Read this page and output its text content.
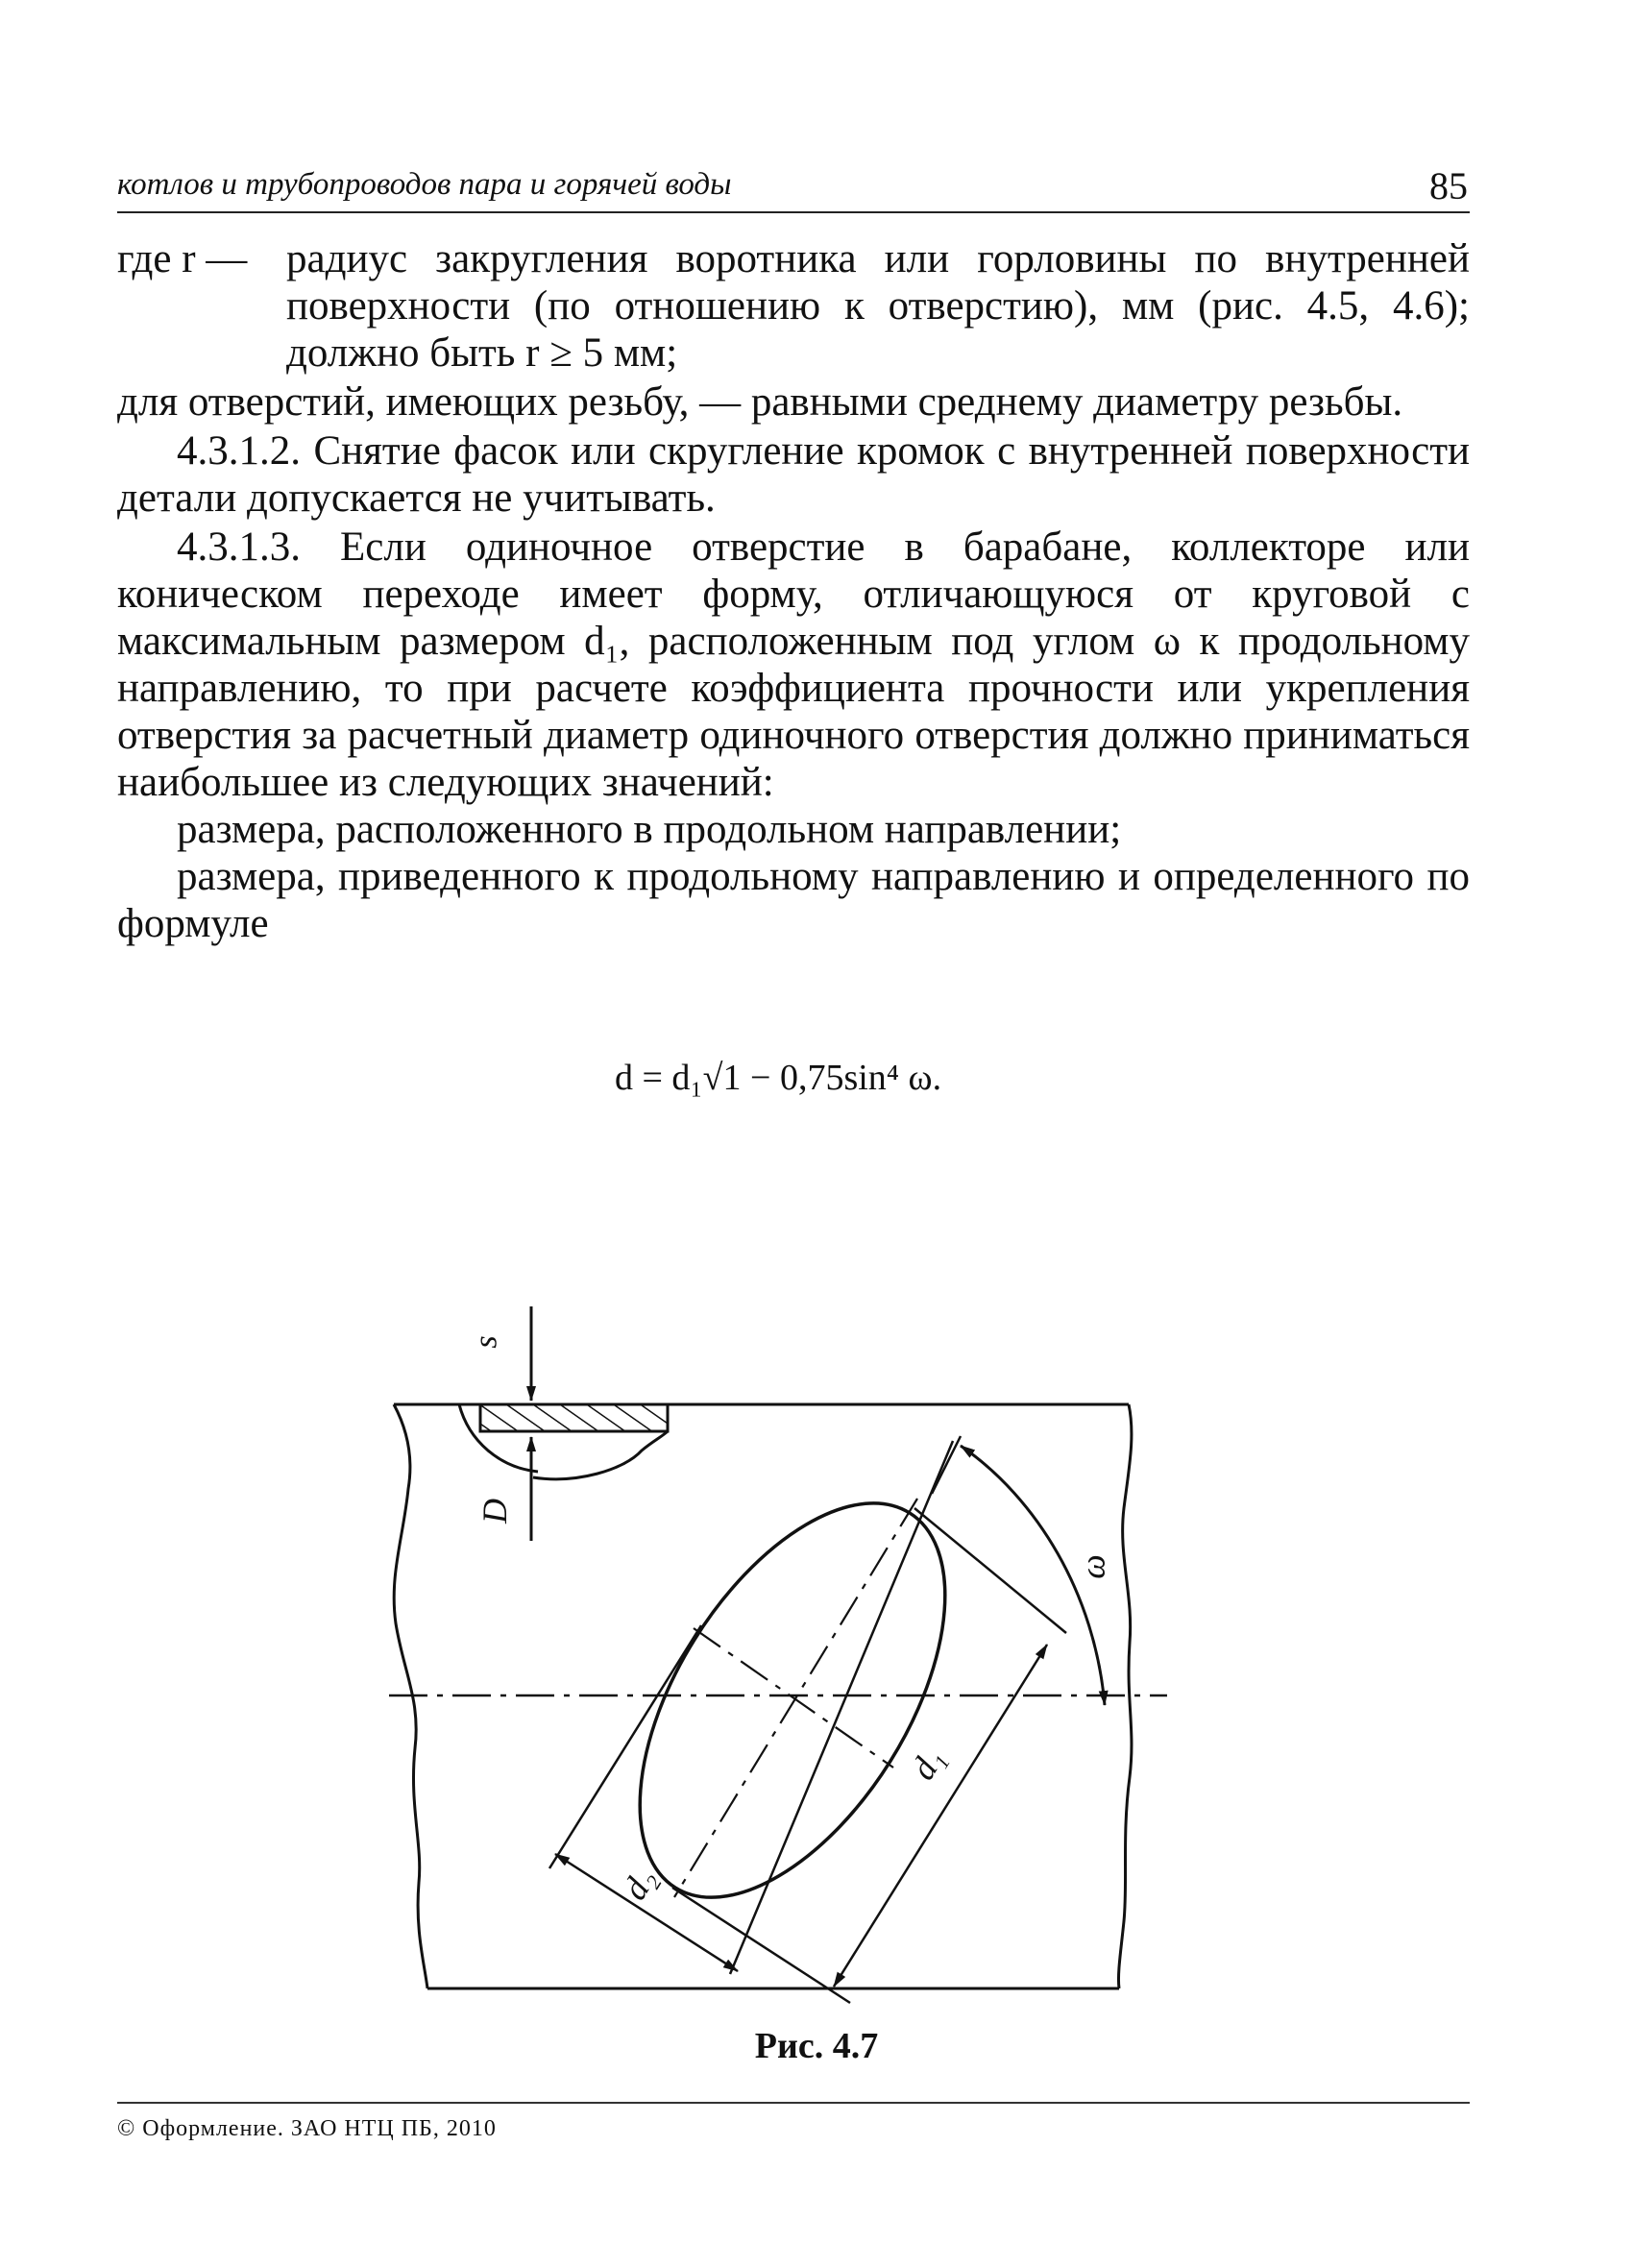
котлов и трубопроводов пара и горячей воды	85
где r — радиус закругления воротника или горловины по внутренней поверхности (по отношению к отверстию), мм (рис. 4.5, 4.6); должно быть r ≥ 5 мм;

для отверстий, имеющих резьбу, — равными среднему диаметру резьбы.

4.3.1.2. Снятие фасок или скругление кромок с внутренней поверхности детали допускается не учитывать.

4.3.1.3. Если одиночное отверстие в барабане, коллекторе или коническом переходе имеет форму, отличающуюся от круговой с максимальным размером d₁, расположенным под углом ω к продольному направлению, то при расчете коэффициента прочности или укрепления отверстия за расчетный диаметр одиночного отверстия должно приниматься наибольшее из следующих значений:

размера, расположенного в продольном направлении;

размера, приведенного к продольному направлению и определенного по формуле

d = d₁√1 − 0,75sin⁴ ω.
s
D
ω
d₁
d₂
Рис. 4.7
© Оформление. ЗАО НТЦ ПБ, 2010
